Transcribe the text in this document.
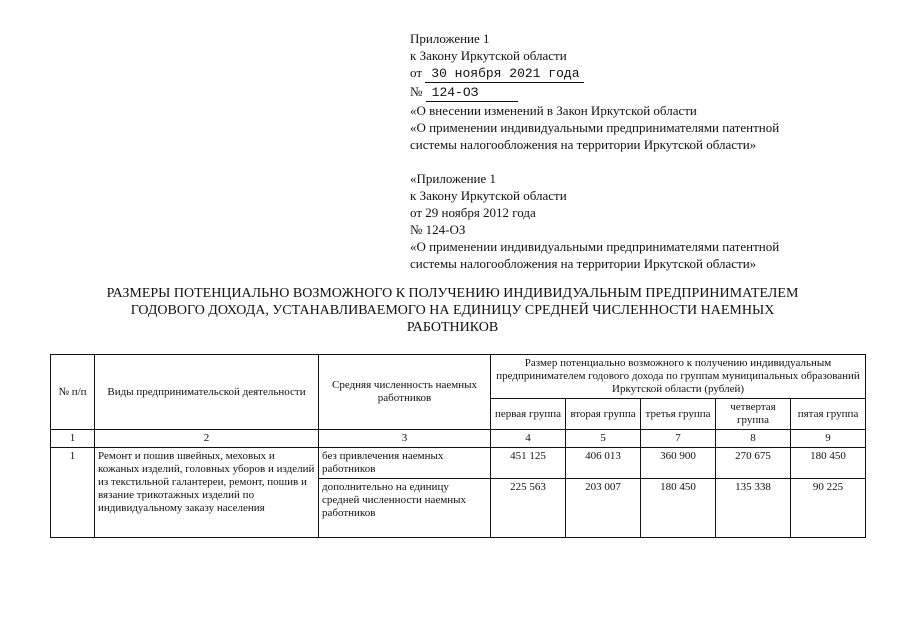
Приложение 1

к Закону Иркутской области

от 30 ноября 2021 года

№ 124-ОЗ

«О внесении изменений в Закон Иркутской области

«О применении индивидуальными предпринимателями патентной

системы налогообложения на территории Иркутской области»

«Приложение 1

к Закону Иркутской области

от 29 ноября 2012 года

№ 124-ОЗ

«О применении индивидуальными предпринимателями патентной

системы налогообложения на территории Иркутской области»

РАЗМЕРЫ ПОТЕНЦИАЛЬНО ВОЗМОЖНОГО К ПОЛУЧЕНИЮ ИНДИВИДУАЛЬНЫМ ПРЕДПРИНИМАТЕЛЕМ
ГОДОВОГО ДОХОДА, УСТАНАВЛИВАЕМОГО НА ЕДИНИЦУ СРЕДНЕЙ ЧИСЛЕННОСТИ НАЕМНЫХ
РАБОТНИКОВ
№ п/п	Виды предпринимательской деятельности	Средняя численность наемных работников	Размер потенциально возможного к получению индивидуальным предпринимателем годового дохода по группам муниципальных образований Иркутской области (рублей)				
			первая группа	вторая группа	третья группа	четвертая группа	пятая группа
1	2	3	4	5	7	8	9
1	Ремонт и пошив швейных, меховых и кожаных изделий, головных уборов и изделий из текстильной галантереи, ремонт, пошив и вязание трикотажных изделий по индивидуальному заказу населения	без привлечения наемных работников	451 125	406 013	360 900	270 675	180 450
		дополнительно на единицу средней численности наемных работников	225 563	203 007	180 450	135 338	90 225
